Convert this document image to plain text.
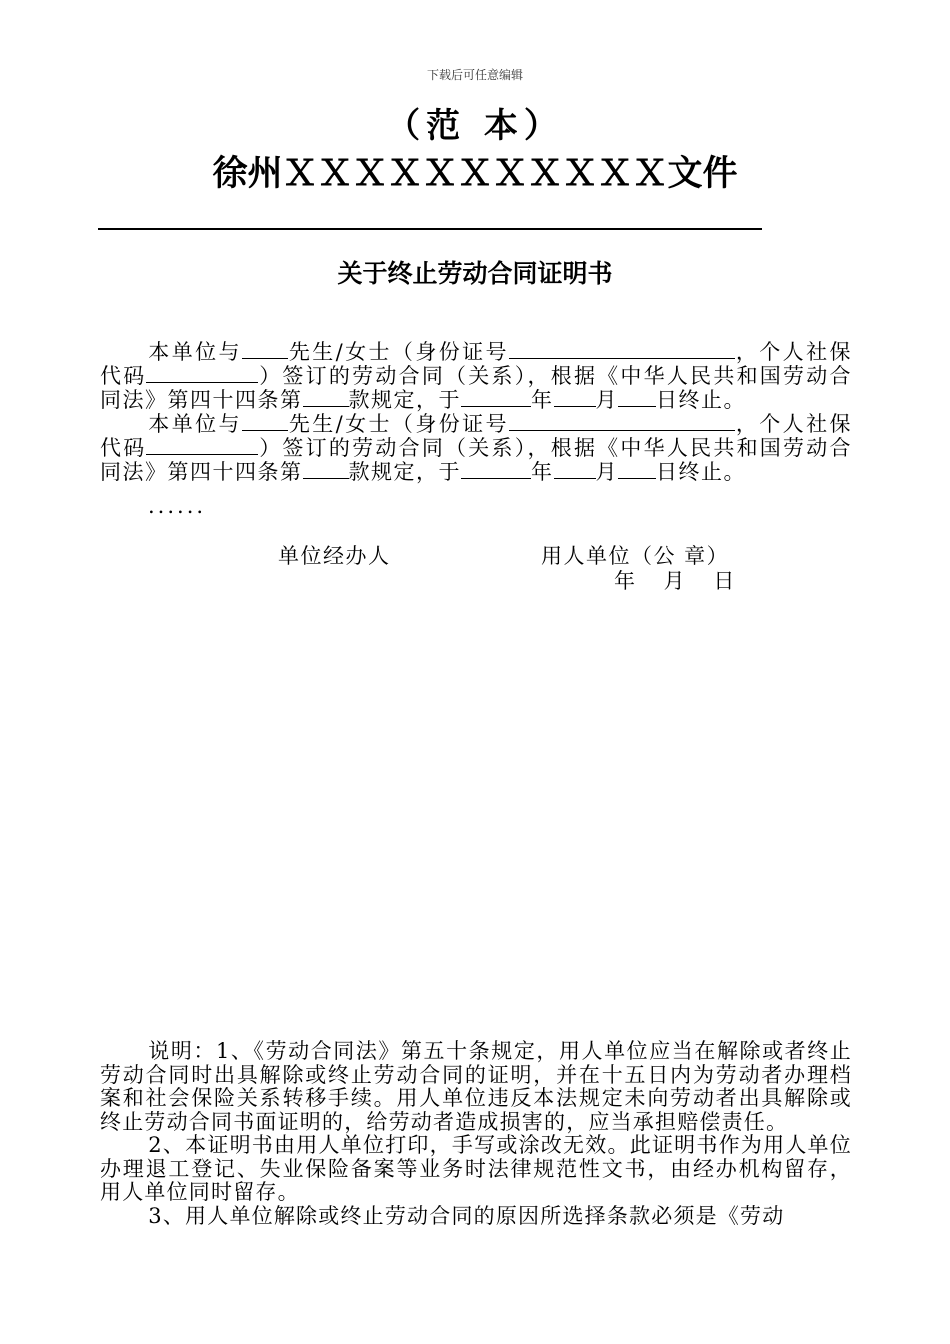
下载后可任意编辑
（范 本）
徐州ＸＸＸＸＸＸＸＸＸＸＸ文件
关于终止劳动合同证明书

本单位与 先生/女士（身份证号	，个人社保代码	）签订的劳动合同（关系），根据《中华人民共和国劳动合同法》第四十四条第 款规定，于	年 月 日终止。

本单位与 先生/女士（身份证号	，个人社保代码	）签订的劳动合同（关系），根据《中华人民共和国劳动合同法》第四十四条第 款规定，于	年 月 日终止。

......
单位经办人	用人单位（公 章）
年 月 日

说明：1、《劳动合同法》第五十条规定，用人单位应当在解除或者终止劳动合同时出具解除或终止劳动合同的证明，并在十五日内为劳动者办理档案和社会保险关系转移手续。用人单位违反本法规定未向劳动者出具解除或终止劳动合同书面证明的，给劳动者造成损害的，应当承担赔偿责任。

2、本证明书由用人单位打印，手写或涂改无效。此证明书作为用人单位办理退工登记、失业保险备案等业务时法律规范性文书，由经办机构留存，用人单位同时留存。

3、用人单位解除或终止劳动合同的原因所选择条款必须是《劳动
